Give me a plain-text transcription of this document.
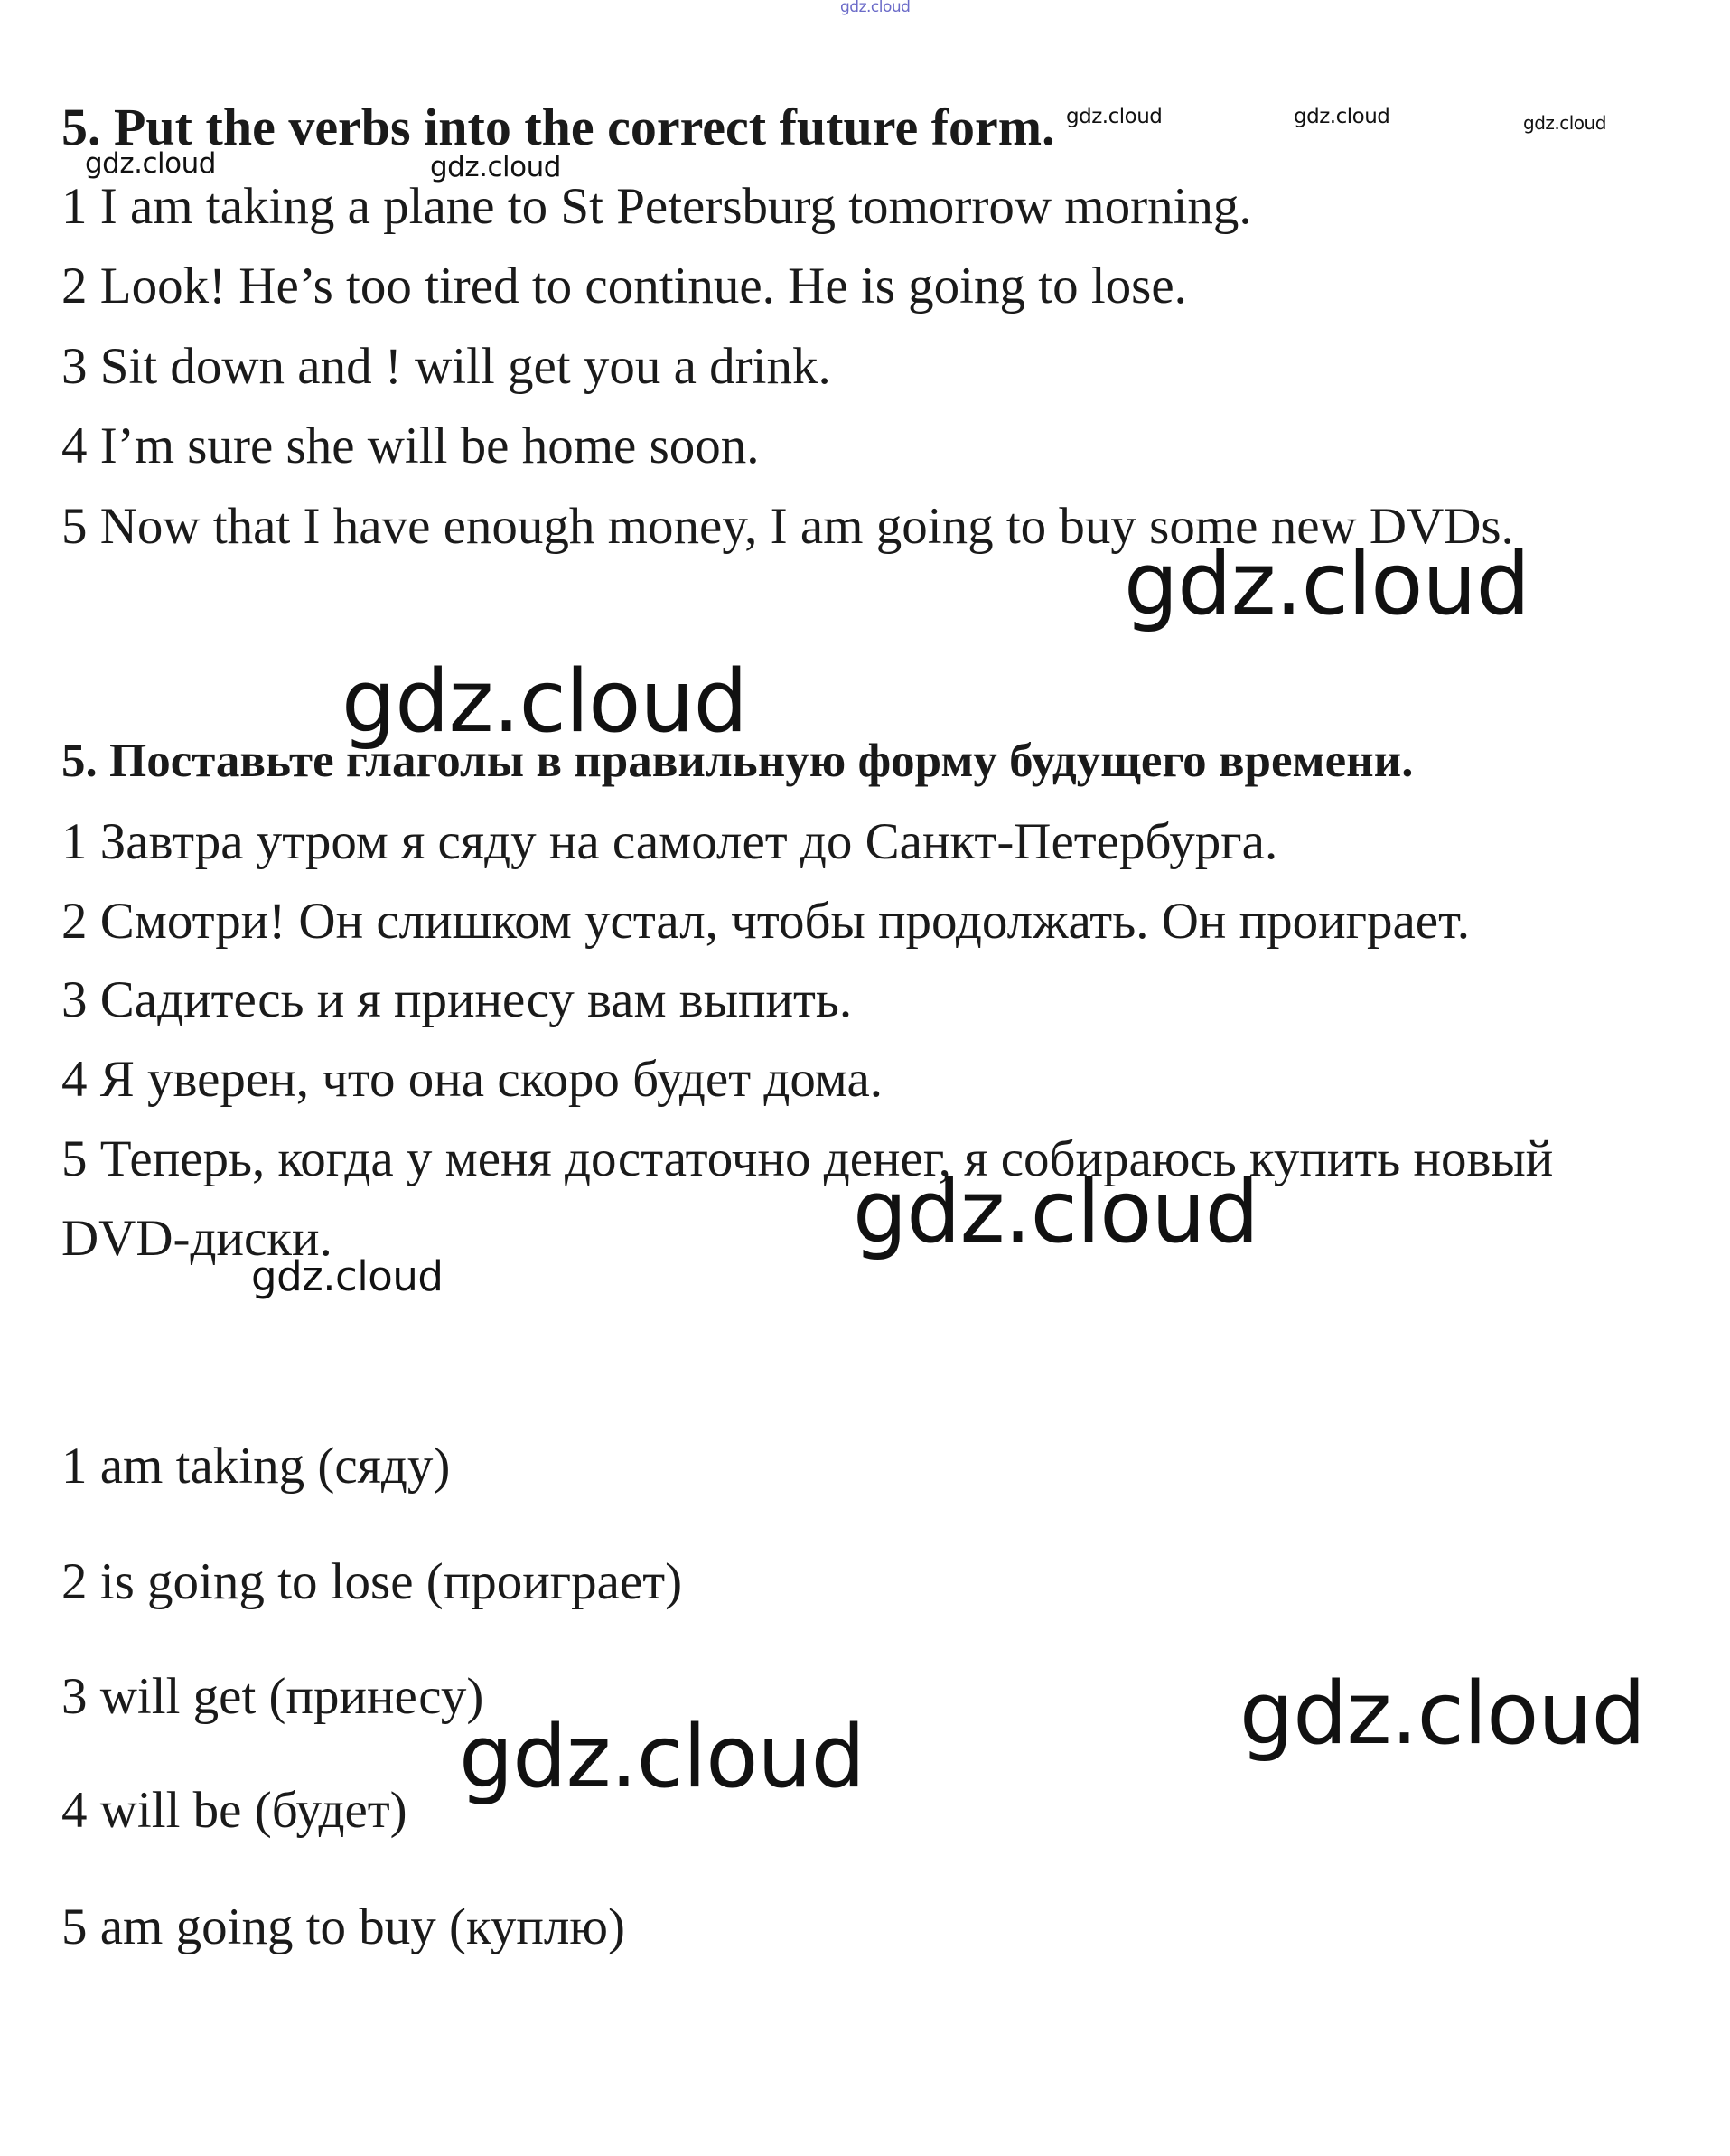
gdz.cloud

5. Put the verbs into the correct future form.

1 I am taking a plane to St Petersburg tomorrow morning.

2 Look! He’s too tired to continue. He is going to lose.

3 Sit down and ! will get you a drink.

4 I’m sure she will be home soon.

5 Now that I have enough money, I am going to buy some new DVDs.

5. Поставьте глаголы в правильную форму будущего времени.

1 Завтра утром я сяду на самолет до Санкт-Петербурга.

2 Смотри! Он слишком устал, чтобы продолжать. Он проиграет.

3 Садитесь и я принесу вам выпить.

4 Я уверен, что она скоро будет дома.

5 Теперь, когда у меня достаточно денег, я собираюсь купить новый

DVD-диски.

1 am taking (сяду)

2 is going to lose (проиграет)

3 will get (принесу)

4 will be (будет)

5 am going to buy (куплю)

gdz.cloud	gdz.cloud	gdz.cloud
gdz.cloud	gdz.cloud
gdz.cloud
gdz.cloud
gdz.cloud
gdz.cloud
gdz.cloud
gdz.cloud
